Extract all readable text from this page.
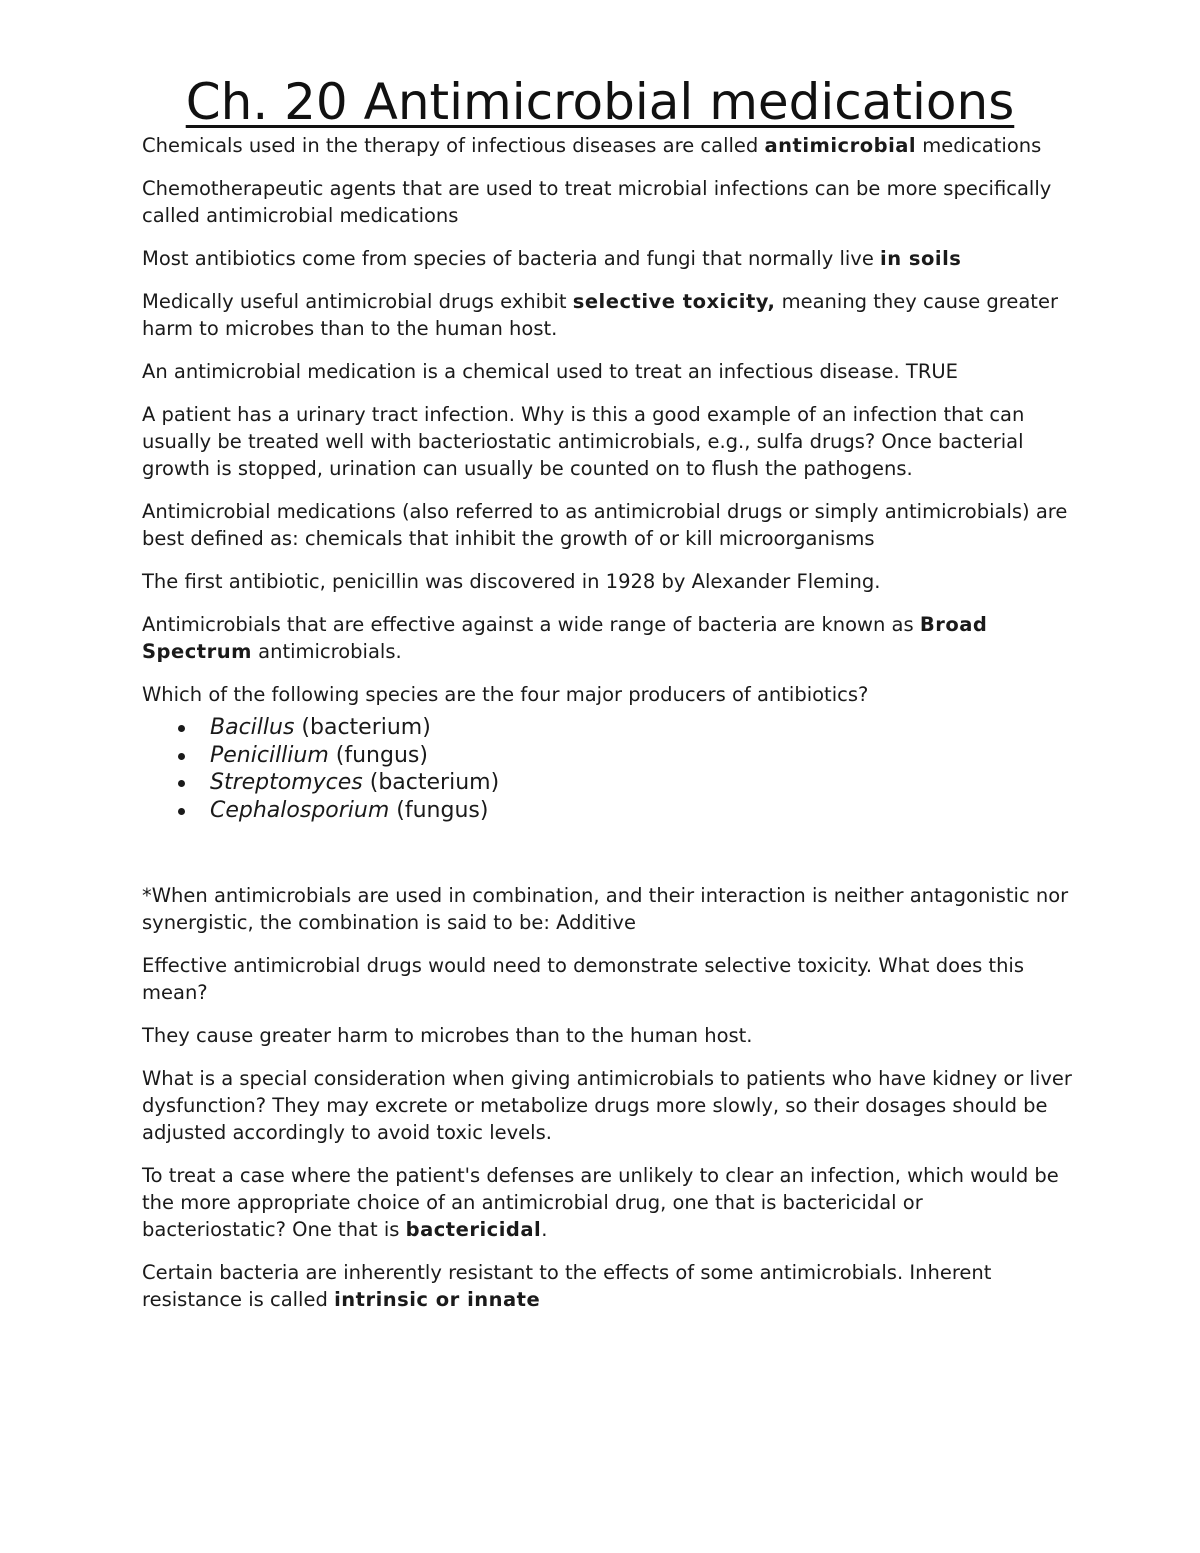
Ch. 20 Antimicrobial medications

Chemicals used in the therapy of infectious diseases are called antimicrobial medications

Chemotherapeutic agents that are used to treat microbial infections can be more specifically called antimicrobial medications

Most antibiotics come from species of bacteria and fungi that normally live in soils

Medically useful antimicrobial drugs exhibit selective toxicity, meaning they cause greater harm to microbes than to the human host.

An antimicrobial medication is a chemical used to treat an infectious disease. TRUE

A patient has a urinary tract infection. Why is this a good example of an infection that can usually be treated well with bacteriostatic antimicrobials, e.g., sulfa drugs? Once bacterial growth is stopped, urination can usually be counted on to flush the pathogens.

Antimicrobial medications (also referred to as antimicrobial drugs or simply antimicrobials) are best defined as: chemicals that inhibit the growth of or kill microorganisms

The first antibiotic, penicillin was discovered in 1928 by Alexander Fleming.

Antimicrobials that are effective against a wide range of bacteria are known as Broad Spectrum antimicrobials.

Which of the following species are the four major producers of antibiotics?

Bacillus (bacterium)
Penicillium (fungus)
Streptomyces (bacterium)
Cephalosporium (fungus)

*When antimicrobials are used in combination, and their interaction is neither antagonistic nor synergistic, the combination is said to be: Additive

Effective antimicrobial drugs would need to demonstrate selective toxicity. What does this mean?

They cause greater harm to microbes than to the human host.

What is a special consideration when giving antimicrobials to patients who have kidney or liver dysfunction? They may excrete or metabolize drugs more slowly, so their dosages should be adjusted accordingly to avoid toxic levels.

To treat a case where the patient's defenses are unlikely to clear an infection, which would be the more appropriate choice of an antimicrobial drug, one that is bactericidal or bacteriostatic? One that is bactericidal.

Certain bacteria are inherently resistant to the effects of some antimicrobials. Inherent resistance is called intrinsic or innate
